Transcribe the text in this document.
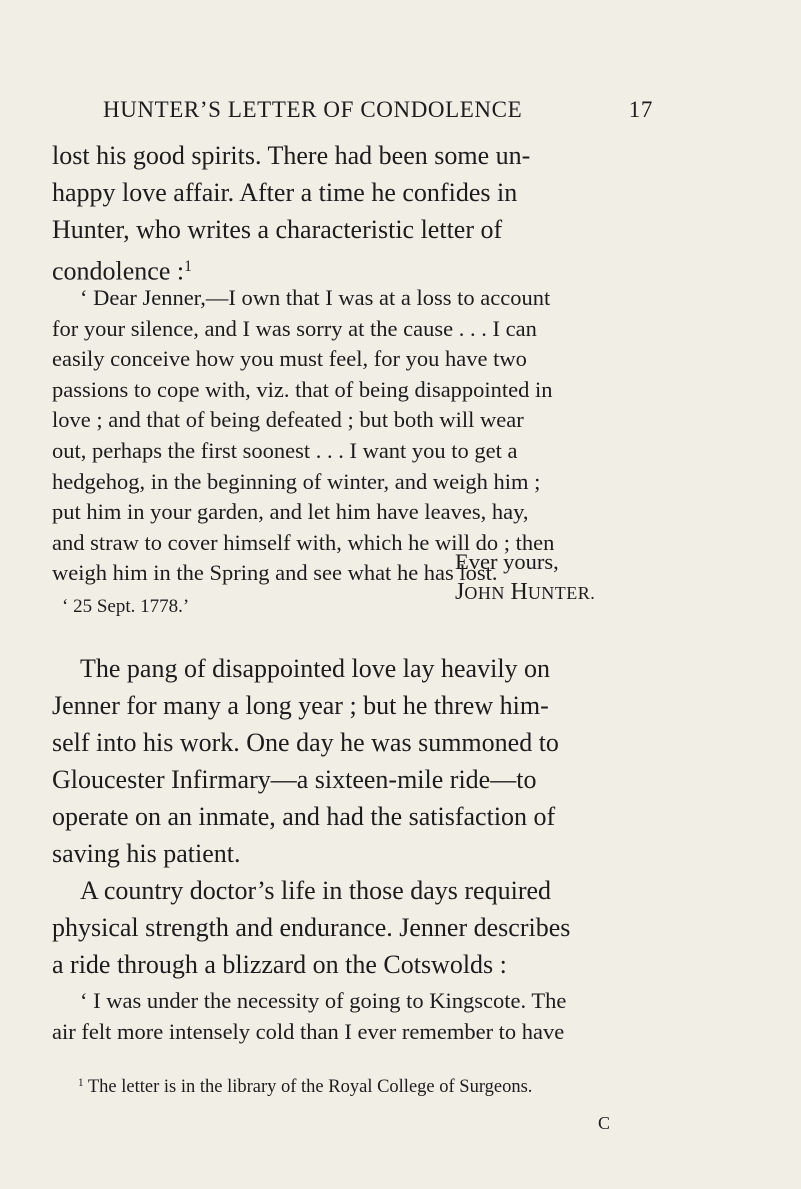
HUNTER’S LETTER OF CONDOLENCE	17
lost his good spirits. There had been some un-
happy love affair. After a time he confides in
Hunter, who writes a characteristic letter of
condolence :$^1$
‘ Dear Jenner,—I own that I was at a loss to account
for your silence, and I was sorry at the cause . . . I can
easily conceive how you must feel, for you have two
passions to cope with, viz. that of being disappointed in
love ; and that of being defeated ; but both will wear
out, perhaps the first soonest . . . I want you to get a
hedgehog, in the beginning of winter, and weigh him ;
put him in your garden, and let him have leaves, hay,
and straw to cover himself with, which he will do ; then
weigh him in the Spring and see what he has lost.
Ever yours,
JOHN HUNTER.
‘ 25 Sept. 1778.’
The pang of disappointed love lay heavily on
Jenner for many a long year ; but he threw him-
self into his work. One day he was summoned to
Gloucester Infirmary—a sixteen-mile ride—to
operate on an inmate, and had the satisfaction of
saving his patient.
A country doctor’s life in those days required
physical strength and endurance. Jenner describes
a ride through a blizzard on the Cotswolds :
‘ I was under the necessity of going to Kingscote. The
air felt more intensely cold than I ever remember to have
$^1$ The letter is in the library of the Royal College of Surgeons.
C
